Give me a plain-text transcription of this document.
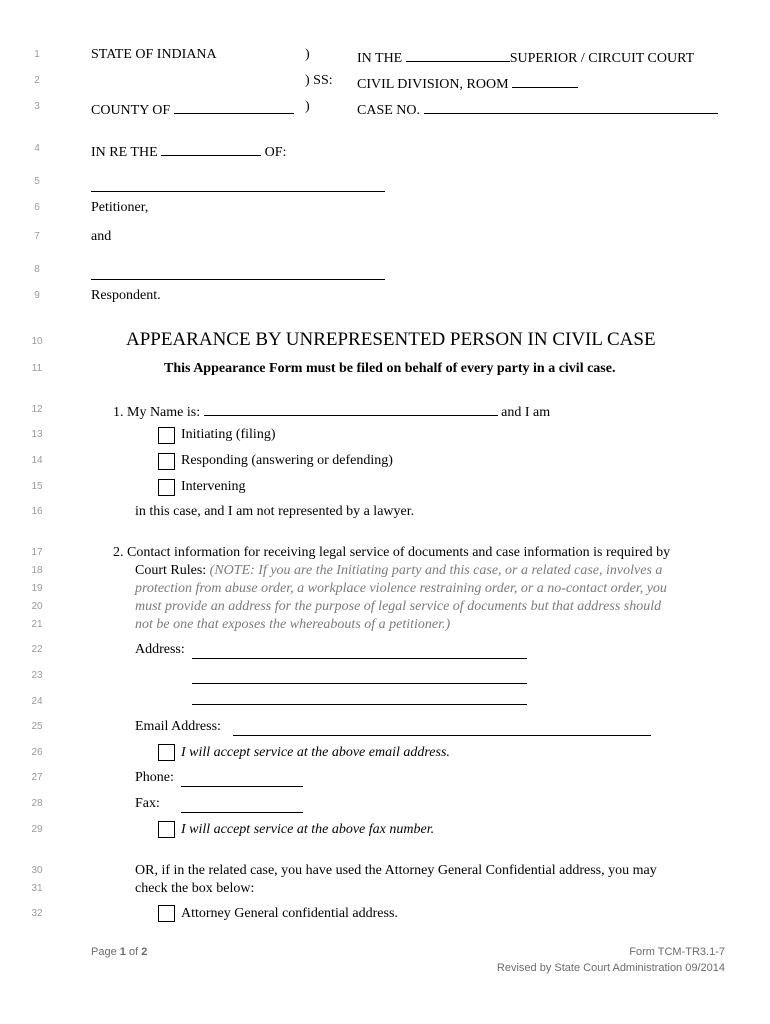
1
2
3
4
5
6
7
8
9
10
11
12
13
14
15
16
17
18
19
20
21
22
23
24
25
26
27
28
29
30
31
32
STATE OF INDIANA	)	IN THE	SUPERIOR / CIRCUIT COURT
) SS: CIVIL DIVISION, ROOM
COUNTY OF	)	CASE NO.
IN RE THE	OF:
Petitioner,
and
Respondent.
APPEARANCE BY UNREPRESENTED PERSON IN CIVIL CASE
This Appearance Form must be filed on behalf of every party in a civil case.
1. My Name is:	and I am
Initiating (filing)
Responding (answering or defending)
Intervening
in this case, and I am not represented by a lawyer.
2. Contact information for receiving legal service of documents and case information is required by
Court Rules: (NOTE: If you are the Initiating party and this case, or a related case, involves a
protection from abuse order, a workplace violence restraining order, or a no-contact order, you
must provide an address for the purpose of legal service of documents but that address should
not be one that exposes the whereabouts of a petitioner.)
Address:
Email Address:
I will accept service at the above email address.
Phone:
Fax:
I will accept service at the above fax number.
OR, if in the related case, you have used the Attorney General Confidential address, you may
check the box below:
Attorney General confidential address.
Page 1 of 2	Form TCM-TR3.1-7
Revised by State Court Administration 09/2014
